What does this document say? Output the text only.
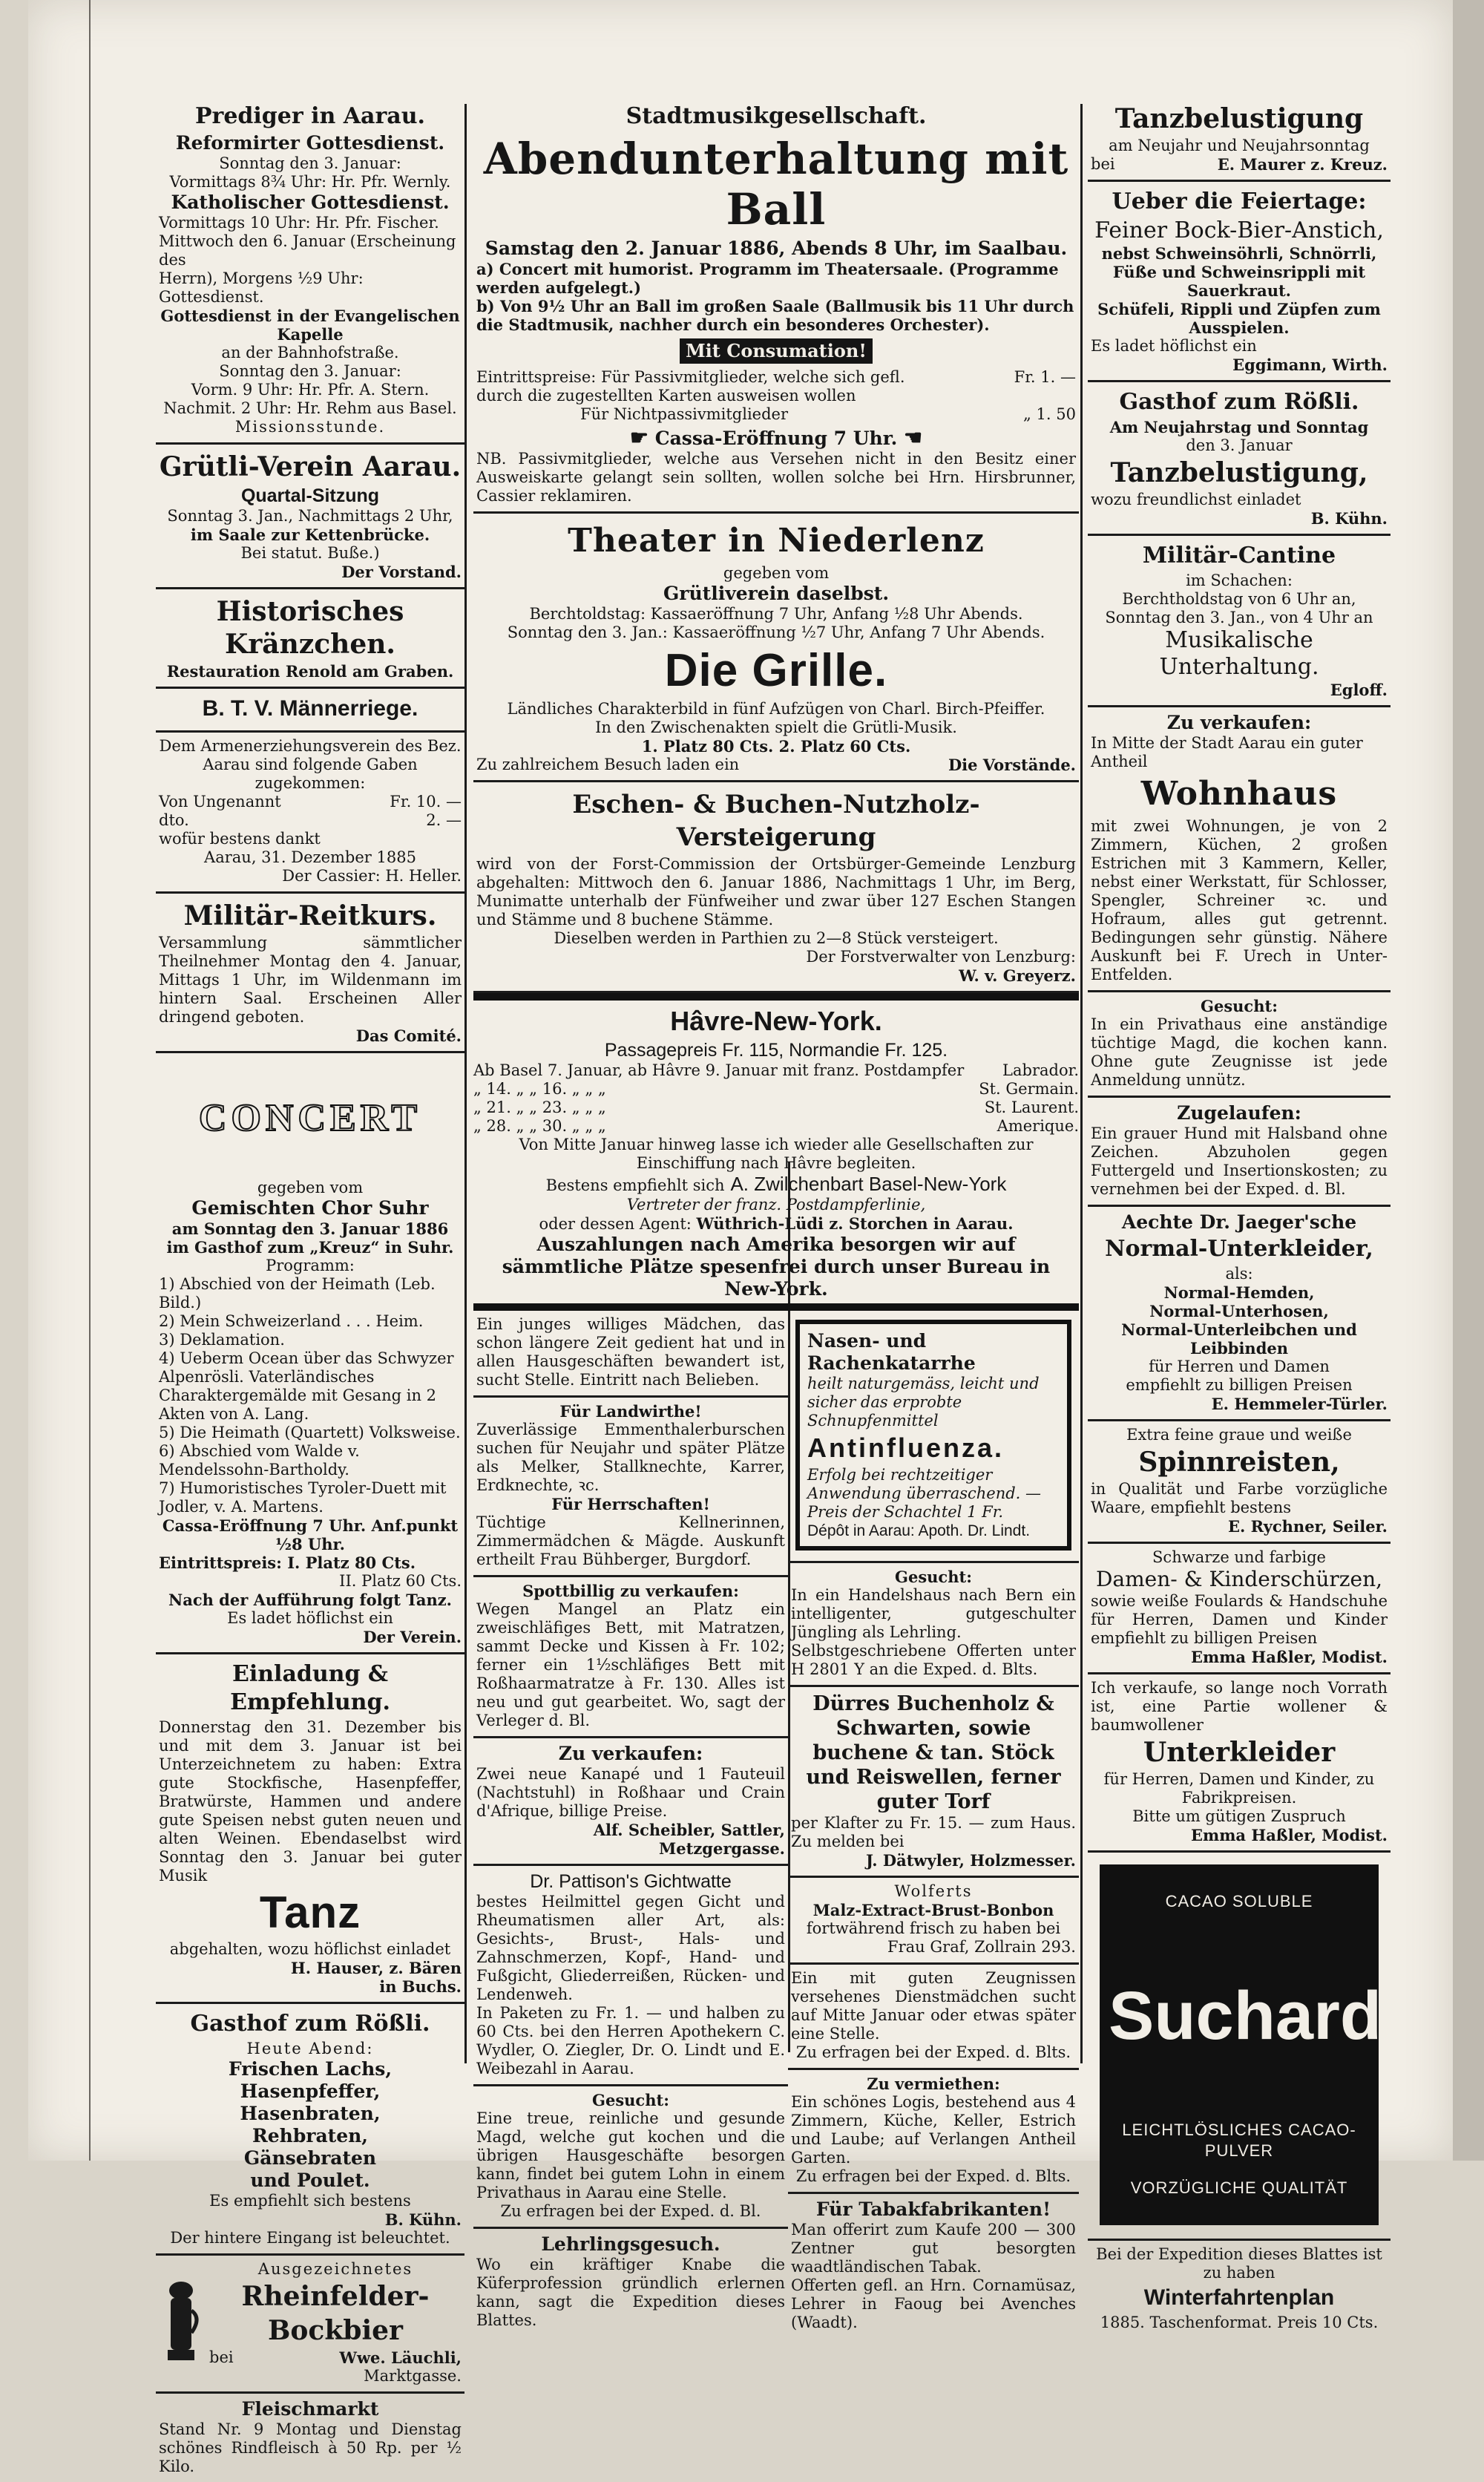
Prediger in Aarau.

Reformirter Gottesdienst.

Sonntag den 3. Januar:

Vormittags 8¾ Uhr: Hr. Pfr. Wernly.

Katholischer Gottesdienst.

Vormittags 10 Uhr: Hr. Pfr. Fischer.

Mittwoch den 6. Januar (Erscheinung des

Herrn), Morgens ½9 Uhr: Gottesdienst.

Gottesdienst in der Evangelischen Kapelle

an der Bahnhofstraße.

Sonntag den 3. Januar:

Vorm. 9 Uhr: Hr. Pfr. A. Stern.

Nachmit. 2 Uhr: Hr. Rehm aus Basel.

Missionsstunde.

Grütli-Verein Aarau.

Quartal-Sitzung

Sonntag 3. Jan., Nachmittags 2 Uhr,

im Saale zur Kettenbrücke.

Bei statut. Buße.)

Der Vorstand.

Historisches Kränzchen.

Restauration Renold am Graben.

B. T. V. Männerriege.

Dem Armenerziehungsverein des Bez.

Aarau sind folgende Gaben zugekommen:

Von Ungenannt	Fr. 10. —
dto.	2. —

wofür bestens dankt

Aarau, 31. Dezember 1885

Der Cassier: H. Heller.

Militär-Reitkurs.

Versammlung sämmtlicher Theilnehmer Montag den 4. Januar, Mittags 1 Uhr, im Wildenmann im hintern Saal. Erscheinen Aller dringend geboten.

Das Comité.

CONCERT

gegeben vom

Gemischten Chor Suhr

am Sonntag den 3. Januar 1886

im Gasthof zum „Kreuz“ in Suhr.

Programm:

1) Abschied von der Heimath (Leb. Bild.)

2) Mein Schweizerland . . . Heim.

3) Deklamation.

4) Ueberm Ocean über das Schwyzer Alpenrösli. Vaterländisches Charaktergemälde mit Gesang in 2 Akten von A. Lang.

5) Die Heimath (Quartett) Volksweise.

6) Abschied vom Walde v. Mendelssohn-Bartholdy.

7) Humoristisches Tyroler-Duett mit Jodler, v. A. Martens.

Cassa-Eröffnung 7 Uhr. Anf.punkt ½8 Uhr.

Eintrittspreis: I. Platz 80 Cts.

II. Platz 60 Cts.

Nach der Aufführung folgt Tanz.

Es ladet höflichst ein

Der Verein.

Einladung & Empfehlung.

Donnerstag den 31. Dezember bis und mit dem 3. Januar ist bei Unterzeichnetem zu haben: Extra gute Stockfische, Hasenpfeffer, Bratwürste, Hammen und andere gute Speisen nebst guten neuen und alten Weinen. Ebendaselbst wird Sonntag den 3. Januar bei guter Musik

Tanz

abgehalten, wozu höflichst einladet

H. Hauser, z. Bären

in Buchs.

Gasthof zum Rößli.

Heute Abend:

Frischen Lachs,

Hasenpfeffer,

Hasenbraten,

Rehbraten,

Gänsebraten

und Poulet.

Es empfiehlt sich bestens

B. Kühn.

Der hintere Eingang ist beleuchtet.

Ausgezeichnetes

Rheinfelder-

Bockbier

bei	Wwe. Läuchli,

Marktgasse.

Fleischmarkt

Stand Nr. 9 Montag und Dienstag schönes Rindfleisch à 50 Rp. per ½ Kilo.

Stadtmusikgesellschaft.

Abendunterhaltung mit Ball

Samstag den 2. Januar 1886, Abends 8 Uhr, im Saalbau.

a) Concert mit humorist. Programm im Theatersaale. (Programme werden aufgelegt.)

b) Von 9½ Uhr an Ball im großen Saale (Ballmusik bis 11 Uhr durch die Stadtmusik, nachher durch ein besonderes Orchester).

Mit Consumation!

Eintrittspreise: Für Passivmitglieder, welche sich gefl. durch die zugestellten Karten ausweisen wollen
Fr. 1. —
Für Nichtpassivmitglieder	„ 1. 50

☛ Cassa-Eröffnung 7 Uhr. ☚

NB. Passivmitglieder, welche aus Versehen nicht in den Besitz einer Ausweiskarte gelangt sein sollten, wollen solche bei Hrn. Hirsbrunner, Cassier reklamiren.

Theater in Niederlenz

gegeben vom

Grütliverein daselbst.

Berchtoldstag: Kassaeröffnung 7 Uhr, Anfang ½8 Uhr Abends.

Sonntag den 3. Jan.: Kassaeröffnung ½7 Uhr, Anfang 7 Uhr Abends.

Die Grille.

Ländliches Charakterbild in fünf Aufzügen von Charl. Birch-Pfeiffer.

In den Zwischenakten spielt die Grütli-Musik.

1. Platz 80 Cts. 2. Platz 60 Cts.

Zu zahlreichem Besuch laden ein	Die Vorstände.

Eschen- & Buchen-Nutzholz-Versteigerung

wird von der Forst-Commission der Ortsbürger-Gemeinde Lenzburg abgehalten: Mittwoch den 6. Januar 1886, Nachmittags 1 Uhr, im Berg, Munimatte unterhalb der Fünfweiher und zwar über 127 Eschen Stangen und Stämme und 8 buchene Stämme.

Dieselben werden in Parthien zu 2—8 Stück versteigert.

Der Forstverwalter von Lenzburg:

W. v. Greyerz.

Hâvre-New-York.

Passagepreis Fr. 115, Normandie Fr. 125.

Ab Basel 7. Januar, ab Hâvre 9. Januar mit franz. Postdampfer Labrador.
„ 14. „ „ 16. „ „ „	St. Germain.
„ 21. „ „ 23. „ „ „	St. Laurent.
„ 28. „ „ 30. „ „ „	Amerique.

Von Mitte Januar hinweg lasse ich wieder alle Gesellschaften zur Einschiffung nach Hâvre begleiten.

Bestens empfiehlt sich A. Zwilchenbart Basel-New-York

Vertreter der franz. Postdampferlinie,

oder dessen Agent: Wüthrich-Lüdi z. Storchen in Aarau.

Auszahlungen nach Amerika besorgen wir auf sämmtliche Plätze spesenfrei durch unser Bureau in New-York.

Ein junges williges Mädchen, das schon längere Zeit gedient hat und in allen Hausgeschäften bewandert ist, sucht Stelle. Eintritt nach Belieben.

Für Landwirthe!

Zuverlässige Emmenthalerburschen suchen für Neujahr und später Plätze als Melker, Stallknechte, Karrer, Erdknechte, ꝛc.

Für Herrschaften!

Tüchtige Kellnerinnen, Zimmermädchen & Mägde. Auskunft ertheilt Frau Bühberger, Burgdorf.

Spottbillig zu verkaufen:

Wegen Mangel an Platz ein zweischläfiges Bett, mit Matratzen, sammt Decke und Kissen à Fr. 102; ferner ein 1½schläfiges Bett mit Roßhaarmatratze à Fr. 130. Alles ist neu und gut gearbeitet. Wo, sagt der Verleger d. Bl.

Zu verkaufen:

Zwei neue Kanapé und 1 Fauteuil (Nachtstuhl) in Roßhaar und Crain d'Afrique, billige Preise.

Alf. Scheibler, Sattler, Metzgergasse.

Dr. Pattison's Gichtwatte

bestes Heilmittel gegen Gicht und Rheumatismen aller Art, als: Gesichts-, Brust-, Hals- und Zahnschmerzen, Kopf-, Hand- und Fußgicht, Gliederreißen, Rücken- und Lendenweh.

In Paketen zu Fr. 1. — und halben zu 60 Cts. bei den Herren Apothekern C. Wydler, O. Ziegler, Dr. O. Lindt und E. Weibezahl in Aarau.

Gesucht:

Eine treue, reinliche und gesunde Magd, welche gut kochen und die übrigen Hausgeschäfte besorgen kann, findet bei gutem Lohn in einem Privathaus in Aarau eine Stelle.

Zu erfragen bei der Exped. d. Bl.

Lehrlingsgesuch.

Wo ein kräftiger Knabe die Küferprofession gründlich erlernen kann, sagt die Expedition dieses Blattes.

Nasen- und Rachenkatarrhe

heilt naturgemäss, leicht und sicher das erprobte Schnupfenmittel

Antinfluenza.

Erfolg bei rechtzeitiger Anwendung überraschend. — Preis der Schachtel 1 Fr.

Dépôt in Aarau: Apoth. Dr. Lindt.

Gesucht:

In ein Handelshaus nach Bern ein intelligenter, gutgeschulter Jüngling als Lehrling.

Selbstgeschriebene Offerten unter H 2801 Y an die Exped. d. Blts.

Dürres Buchenholz & Schwarten, sowie buchene & tan. Stöck und Reiswellen, ferner guter Torf

per Klafter zu Fr. 15. — zum Haus. Zu melden bei

J. Dätwyler, Holzmesser.

Wolferts

Malz-Extract-Brust-Bonbon

fortwährend frisch zu haben bei

Frau Graf, Zollrain 293.

Ein mit guten Zeugnissen versehenes Dienstmädchen sucht auf Mitte Januar oder etwas später eine Stelle.

Zu erfragen bei der Exped. d. Blts.

Zu vermiethen:

Ein schönes Logis, bestehend aus 4 Zimmern, Küche, Keller, Estrich und Laube; auf Verlangen Antheil Garten.

Zu erfragen bei der Exped. d. Blts.

Für Tabakfabrikanten!

Man offerirt zum Kaufe 200 — 300 Zentner gut besorgten waadtländischen Tabak.

Offerten gefl. an Hrn. Cornamüsaz, Lehrer in Faoug bei Avenches (Waadt).

Tanzbelustigung

am Neujahr und Neujahrsonntag

bei	E. Maurer z. Kreuz.

Ueber die Feiertage:

Feiner Bock-Bier-Anstich,

nebst Schweinsöhrli, Schnörrli, Füße und Schweinsrippli mit Sauerkraut.

Schüfeli, Rippli und Züpfen zum Ausspielen.

Es ladet höflichst ein

Eggimann, Wirth.

Gasthof zum Rößli.

Am Neujahrstag und Sonntag

den 3. Januar

Tanzbelustigung,

wozu freundlichst einladet

B. Kühn.

Militär-Cantine

im Schachen:

Berchtholdstag von 6 Uhr an,

Sonntag den 3. Jan., von 4 Uhr an

Musikalische Unterhaltung.

Egloff.

Zu verkaufen:

In Mitte der Stadt Aarau ein guter Antheil

Wohnhaus

mit zwei Wohnungen, je von 2 Zimmern, Küchen, 2 großen Estrichen mit 3 Kammern, Keller, nebst einer Werkstatt, für Schlosser, Spengler, Schreiner ꝛc. und Hofraum, alles gut getrennt. Bedingungen sehr günstig. Nähere Auskunft bei F. Urech in Unter-Entfelden.

Gesucht:

In ein Privathaus eine anständige tüchtige Magd, die kochen kann. Ohne gute Zeugnisse ist jede Anmeldung unnütz.

Zugelaufen:

Ein grauer Hund mit Halsband ohne Zeichen. Abzuholen gegen Futtergeld und Insertionskosten; zu vernehmen bei der Exped. d. Bl.

Aechte Dr. Jaeger'sche

Normal-Unterkleider,

als:

Normal-Hemden,

Normal-Unterhosen,

Normal-Unterleibchen und

Leibbinden

für Herren und Damen

empfiehlt zu billigen Preisen

E. Hemmeler-Türler.

Extra feine graue und weiße

Spinnreisten,

in Qualität und Farbe vorzügliche Waare, empfiehlt bestens

E. Rychner, Seiler.

Schwarze und farbige

Damen- & Kinderschürzen,

sowie weiße Foulards & Handschuhe für Herren, Damen und Kinder empfiehlt zu billigen Preisen

Emma Haßler, Modist.

Ich verkaufe, so lange noch Vorrath ist, eine Partie wollener & baumwollener

Unterkleider

für Herren, Damen und Kinder, zu Fabrikpreisen.

Bitte um gütigen Zuspruch

Emma Haßler, Modist.

CACAO SOLUBLE

Suchard

LEICHTLÖSLICHES CACAO-PULVER

VORZÜGLICHE QUALITÄT

Bei der Expedition dieses Blattes ist zu haben

Winterfahrtenplan

1885. Taschenformat. Preis 10 Cts.
